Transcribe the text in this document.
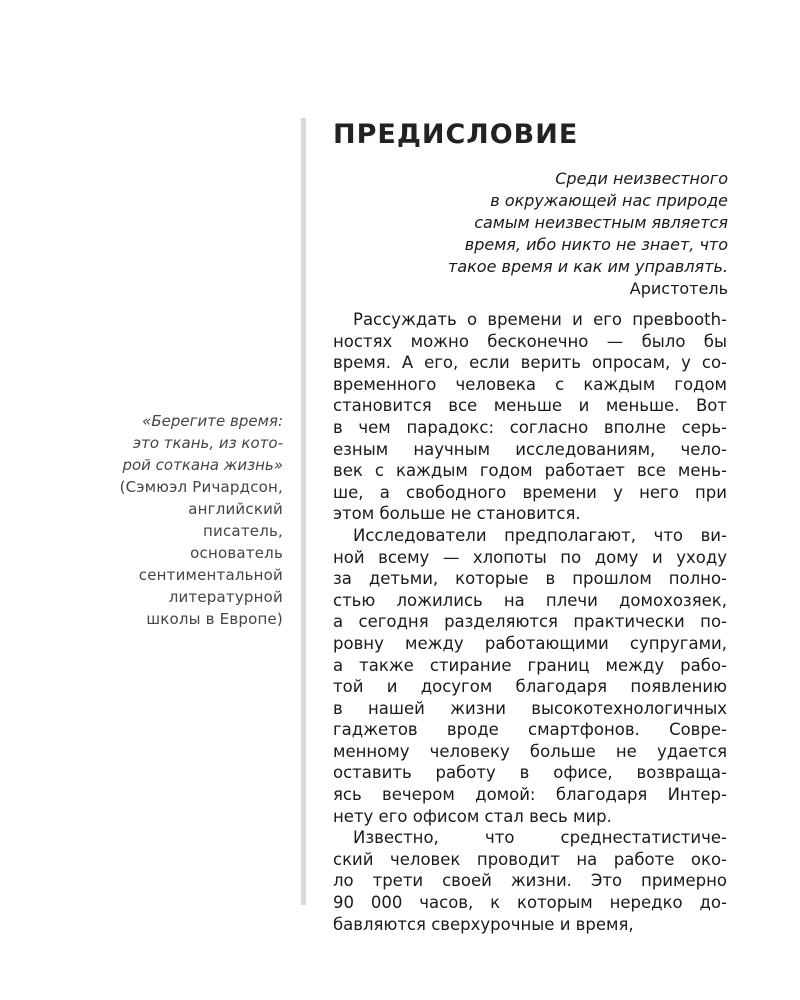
«Берегите время:
это ткань, из кото-
рой соткана жизнь»
(Сэмюэл Ричардсон,
английский
писатель,
основатель
сентиментальной
литературной
школы в Европе)
ПРЕДИСЛОВИЕ
Среди неизвестного
в окружающей нас природе
самым неизвестным является
время, ибо никто не знает, что
такое время и как им управлять.
Аристотель
Рассуждать о времени и его превbooth-
ностях можно бесконечно — было бы
время. А его, если верить опросам, у со-
временного человека с каждым годом
становится все меньше и меньше. Вот
в чем парадокс: согласно вполне серь-
езным научным исследованиям, чело-
век с каждым годом работает все мень-
ше, а свободного времени у него при
этом больше не становится.
Исследователи предполагают, что ви-
ной всему — хлопоты по дому и уходу
за детьми, которые в прошлом полно-
стью ложились на плечи домохозяек,
а сегодня разделяются практически по-
ровну между работающими супругами,
а также стирание границ между рабо-
той и досугом благодаря появлению
в нашей жизни высокотехнологичных
гаджетов вроде смартфонов. Совре-
менному человеку больше не удается
оставить работу в офисе, возвраща-
ясь вечером домой: благодаря Интер-
нету его офисом стал весь мир.
Известно, что среднестатистиче-
ский человек проводит на работе око-
ло трети своей жизни. Это примерно
90 000 часов, к которым нередко до-
бавляются сверхурочные и время,
